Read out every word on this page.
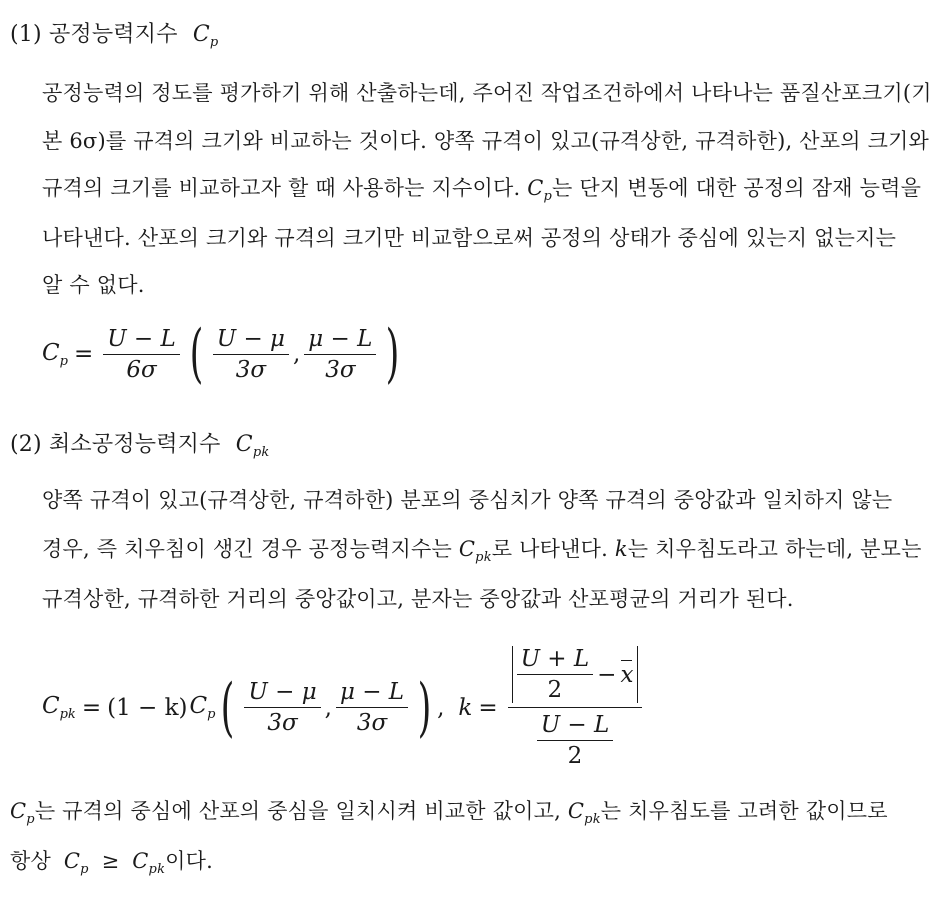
(1) 공정능력지수 $C_p$
공정능력의 정도를 평가하기 위해 산출하는데, 주어진 작업조건하에서 나타나는 품질산포크기(기
본 6σ)를 규격의 크기와 비교하는 것이다. 양쪽 규격이 있고(규격상한, 규격하한), 산포의 크기와
규격의 크기를 비교하고자 할 때 사용하는 지수이다. $C_p$는 단지 변동에 대한 공정의 잠재 능력을
나타낸다. 산포의 크기와 규격의 크기만 비교함으로써 공정의 상태가 중심에 있는지 없는지는
알 수 없다.
$C_p = \frac{U - L}{6\sigma}$ ( $\frac{U - \mu}{3\sigma}$ , $\frac{\mu - L}{3\sigma}$ )
(2) 최소공정능력지수 $C_{pk}$
양쪽 규격이 있고(규격상한, 규격하한) 분포의 중심치가 양쪽 규격의 중앙값과 일치하지 않는
경우, 즉 치우침이 생긴 경우 공정능력지수는 $C_{pk}$로 나타낸다. k는 치우침도라고 하는데, 분모는
규격상한, 규격하한 거리의 중앙값이고, 분자는 중앙값과 산포평균의 거리가 된다.
$C_{pk} = (1 - k)$ $C_p$ ( $\frac{U - \mu}{3\sigma}$ , $\frac{\mu - L}{3\sigma}$ ) , $k = \frac{\frac{U + L}{2} - x}{\frac{U - L}{2}}$
$C_p$는 규격의 중심에 산포의 중심을 일치시켜 비교한 값이고, $C_{pk}$는 치우침도를 고려한 값이므로
항상 $C_p \ge C_{pk}$이다.
